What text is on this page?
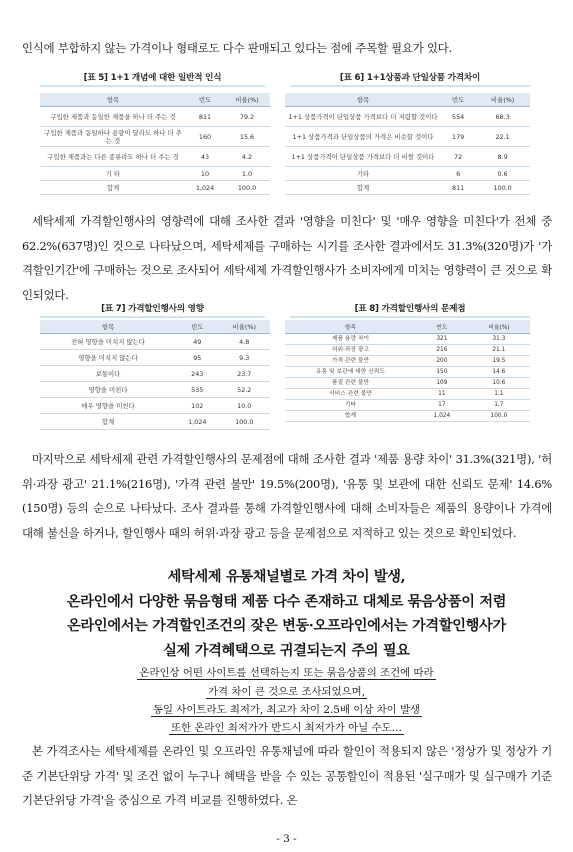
인식에 부합하지 않는 가격이나 형태로도 다수 판매되고 있다는 점에 주목할 필요가 있다.
[표 5] 1+1 개념에 대한 일반적 인식
항목	빈도	비율(%)
구입한 제품과 동일한 제품을 하나 더 주는 것	811	79.2
구입한 제품과 동일하나 용량이 달라도 하나 더 주는 것	160	15.6
구입한 제품과는 다른 종류라도 하나 더 주는 것	43	4.2
기 타	10	1.0
합계	1,024	100.0
[표 6] 1+1상품과 단일상품 가격차이
항목	빈도	비율(%)
1+1 상품가격이 단일상품 가격보다 더 저렴할 것이다	554	68.3
1+1 상품가격과 단일상품의 가격은 비슷할 것이다	179	22.1
1+1 상품가격이 단일상품 가격보다 더 비쌀 것이다	72	8.9
기타	6	0.6
합계	811	100.0
세탁세제 가격할인행사의 영향력에 대해 조사한 결과 '영향을 미친다' 및 '매우 영향을 미친다'가 전체 중 62.2%(637명)인 것으로 나타났으며, 세탁세제를 구매하는 시기를 조사한 결과에서도 31.3%(320명)가 '가격할인기간'에 구매하는 것으로 조사되어 세탁세제 가격할인행사가 소비자에게 미치는 영향력이 큰 것으로 확인되었다.
[표 7] 가격할인행사의 영향
항목	빈도	비율(%)
전혀 영향을 미치지 않는다	49	4.8
영향을 미치지 않는다	95	9.3
보통이다	243	23.7
영향을 미친다	535	52.2
매우 영향을 미친다	102	10.0
합계	1,024	100.0
[표 8] 가격할인행사의 문제점
항목	빈도	비율(%)
제품 용량 차이	321	31.3
허위·과장 광고	216	21.1
가격 관련 불만	200	19.5
유통 및 보관에 대한 신뢰도	150	14.6
품질 관련 불만	109	10.6
서비스 관련 불만	11	1.1
기타	17	1.7
합계	1,024	100.0
마지막으로 세탁세제 관련 가격할인행사의 문제점에 대해 조사한 결과 '제품 용량 차이' 31.3%(321명), '허위·과장 광고' 21.1%(216명), '가격 관련 불만' 19.5%(200명), '유통 및 보관에 대한 신뢰도 문제' 14.6%(150명) 등의 순으로 나타났다. 조사 결과를 통해 가격할인행사에 대해 소비자들은 제품의 용량이나 가격에 대해 불신을 하거나, 할인행사 때의 허위·과장 광고 등을 문제점으로 지적하고 있는 것으로 확인되었다.
세탁세제 유통채널별로 가격 차이 발생,
온라인에서 다양한 묶음형태 제품 다수 존재하고 대체로 묶음상품이 저렴
온라인에서는 가격할인조건의 잦은 변동·오프라인에서는 가격할인행사가
실제 가격혜택으로 귀결되는지 주의 필요
온라인상 어떤 사이트를 선택하는지 또는 묶음상품의 조건에 따라
가격 차이 큰 것으로 조사되었으며,
동일 사이트라도 최저가, 최고가 차이 2.5배 이상 차이 발생
또한 온라인 최저가가 반드시 최저가가 아닐 수도…
본 가격조사는 세탁세제를 온라인 및 오프라인 유통채널에 따라 할인이 적용되지 않은 '정상가 및 정상가 기준 기본단위당 가격' 및 조건 없이 누구나 혜택을 받을 수 있는 공통할인이 적용된 '실구매가 및 실구매가 기준 기본단위당 가격'을 중심으로 가격 비교를 진행하였다. 온
- 3 -
